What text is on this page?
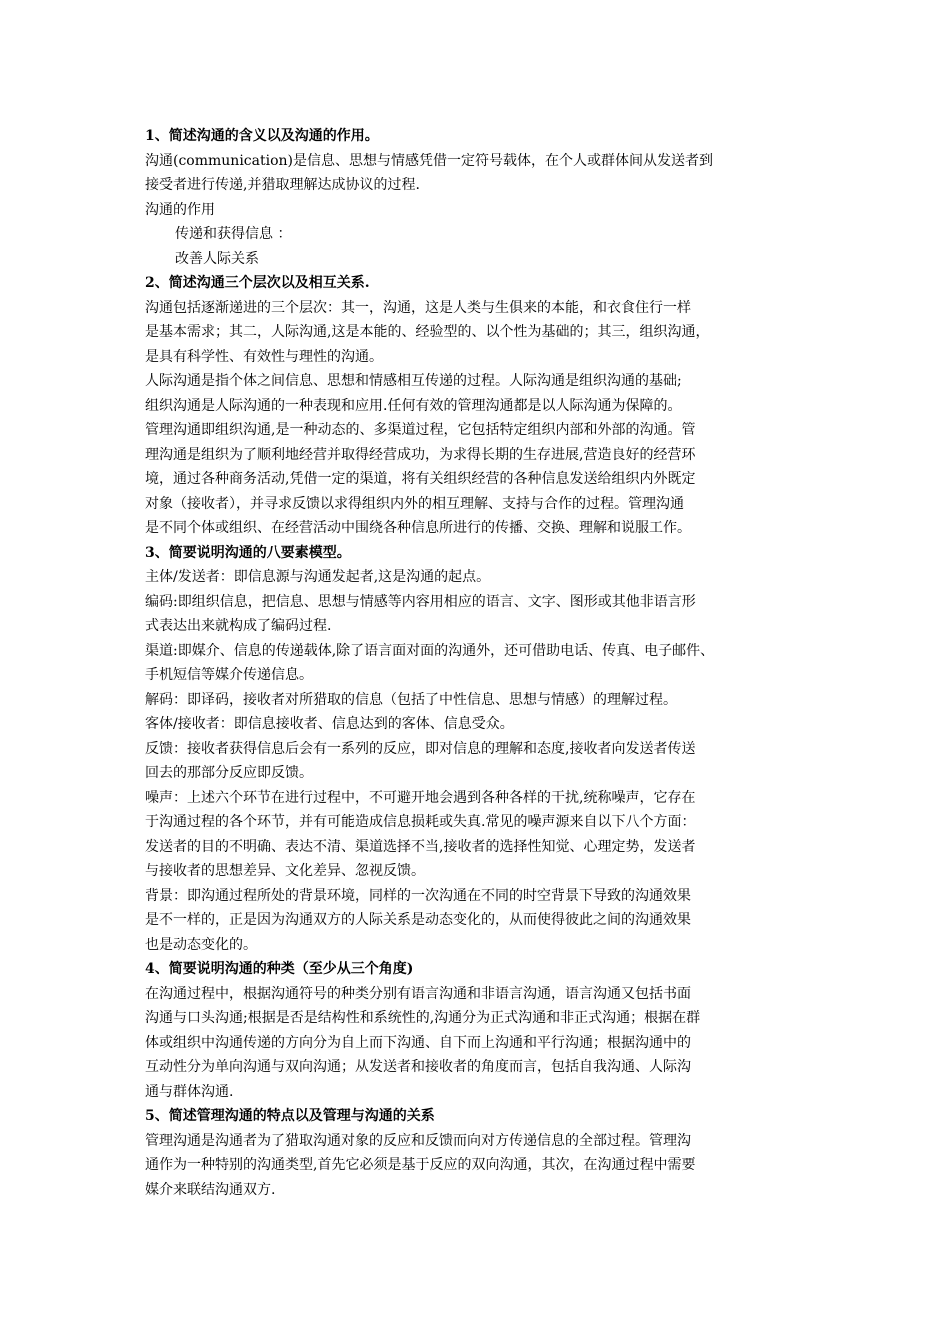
1、简述沟通的含义以及沟通的作用。
沟通(communication)是信息、思想与情感凭借一定符号载体，在个人或群体间从发送者到
接受者进行传递,并猎取理解达成协议的过程.
沟通的作用
传递和获得信息 ：
改善人际关系
2、简述沟通三个层次以及相互关系.
沟通包括逐渐递进的三个层次：其一，沟通，这是人类与生俱来的本能，和衣食住行一样
是基本需求；其二，人际沟通,这是本能的、经验型的、以个性为基础的；其三，组织沟通，
是具有科学性、有效性与理性的沟通。
人际沟通是指个体之间信息、思想和情感相互传递的过程。人际沟通是组织沟通的基础;
组织沟通是人际沟通的一种表现和应用.任何有效的管理沟通都是以人际沟通为保障的。
管理沟通即组织沟通,是一种动态的、多渠道过程，它包括特定组织内部和外部的沟通。管
理沟通是组织为了顺利地经营并取得经营成功，为求得长期的生存进展,营造良好的经营环
境，通过各种商务活动,凭借一定的渠道，将有关组织经营的各种信息发送给组织内外既定
对象（接收者），并寻求反馈以求得组织内外的相互理解、支持与合作的过程。管理沟通
是不同个体或组织、在经营活动中围绕各种信息所进行的传播、交换、理解和说服工作。
3、简要说明沟通的八要素模型。
主体/发送者：即信息源与沟通发起者,这是沟通的起点。
编码:即组织信息，把信息、思想与情感等内容用相应的语言、文字、图形或其他非语言形
式表达出来就构成了编码过程.
渠道:即媒介、信息的传递载体,除了语言面对面的沟通外，还可借助电话、传真、电子邮件、
手机短信等媒介传递信息。
解码：即译码，接收者对所猎取的信息（包括了中性信息、思想与情感）的理解过程。
客体/接收者：即信息接收者、信息达到的客体、信息受众。
反馈：接收者获得信息后会有一系列的反应，即对信息的理解和态度,接收者向发送者传送
回去的那部分反应即反馈。
噪声：上述六个环节在进行过程中，不可避开地会遇到各种各样的干扰,统称噪声，它存在
于沟通过程的各个环节，并有可能造成信息损耗或失真.常见的噪声源来自以下八个方面：
发送者的目的不明确、表达不清、渠道选择不当,接收者的选择性知觉、心理定势，发送者
与接收者的思想差异、文化差异、忽视反馈。
背景：即沟通过程所处的背景环境，同样的一次沟通在不同的时空背景下导致的沟通效果
是不一样的，正是因为沟通双方的人际关系是动态变化的，从而使得彼此之间的沟通效果
也是动态变化的。
4、简要说明沟通的种类（至少从三个角度)
在沟通过程中，根据沟通符号的种类分别有语言沟通和非语言沟通，语言沟通又包括书面
沟通与口头沟通;根据是否是结构性和系统性的,沟通分为正式沟通和非正式沟通；根据在群
体或组织中沟通传递的方向分为自上而下沟通、自下而上沟通和平行沟通；根据沟通中的
互动性分为单向沟通与双向沟通；从发送者和接收者的角度而言，包括自我沟通、人际沟
通与群体沟通.
5、简述管理沟通的特点以及管理与沟通的关系
管理沟通是沟通者为了猎取沟通对象的反应和反馈而向对方传递信息的全部过程。管理沟
通作为一种特别的沟通类型,首先它必须是基于反应的双向沟通，其次，在沟通过程中需要
媒介来联结沟通双方.
